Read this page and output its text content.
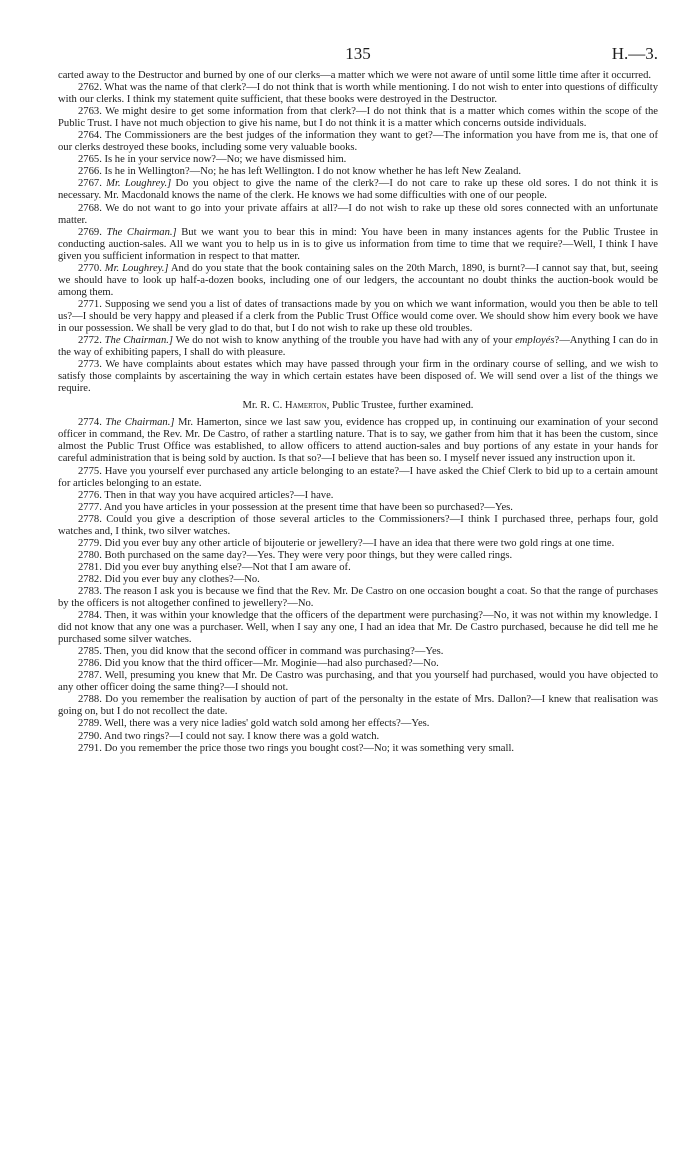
135	H.—3.

carted away to the Destructor and burned by one of our clerks—a matter which we were not aware of until some little time after it occurred.

2762. What was the name of that clerk?—I do not think that is worth while mentioning. I do not wish to enter into questions of difficulty with our clerks. I think my statement quite sufficient, that these books were destroyed in the Destructor.

2763. We might desire to get some information from that clerk?—I do not think that is a matter which comes within the scope of the Public Trust. I have not much objection to give his name, but I do not think it is a matter which concerns outside individuals.

2764. The Commissioners are the best judges of the information they want to get?—The information you have from me is, that one of our clerks destroyed these books, including some very valuable books.

2765. Is he in your service now?—No; we have dismissed him.

2766. Is he in Wellington?—No; he has left Wellington. I do not know whether he has left New Zealand.

2767. Mr. Loughrey.] Do you object to give the name of the clerk?—I do not care to rake up these old sores. I do not think it is necessary. Mr. Macdonald knows the name of the clerk. He knows we had some difficulties with one of our people.

2768. We do not want to go into your private affairs at all?—I do not wish to rake up these old sores connected with an unfortunate matter.

2769. The Chairman.] But we want you to bear this in mind: You have been in many instances agents for the Public Trustee in conducting auction-sales. All we want you to help us in is to give us information from time to time that we require?—Well, I think I have given you sufficient information in respect to that matter.

2770. Mr. Loughrey.] And do you state that the book containing sales on the 20th March, 1890, is burnt?—I cannot say that, but, seeing we should have to look up half-a-dozen books, including one of our ledgers, the accountant no doubt thinks the auction-book would be among them.

2771. Supposing we send you a list of dates of transactions made by you on which we want information, would you then be able to tell us?—I should be very happy and pleased if a clerk from the Public Trust Office would come over. We should show him every book we have in our possession. We shall be very glad to do that, but I do not wish to rake up these old troubles.

2772. The Chairman.] We do not wish to know anything of the trouble you have had with any of your employés?—Anything I can do in the way of exhibiting papers, I shall do with pleasure.

2773. We have complaints about estates which may have passed through your firm in the ordinary course of selling, and we wish to satisfy those complaints by ascertaining the way in which certain estates have been disposed of. We will send over a list of the things we require.

Mr. R. C. Hamerton, Public Trustee, further examined.

2774. The Chairman.] Mr. Hamerton, since we last saw you, evidence has cropped up, in continuing our examination of your second officer in command, the Rev. Mr. De Castro, of rather a startling nature. That is to say, we gather from him that it has been the custom, since almost the Public Trust Office was established, to allow officers to attend auction-sales and buy portions of any estate in your hands for careful administration that is being sold by auction. Is that so?—I believe that has been so. I myself never issued any instruction upon it.

2775. Have you yourself ever purchased any article belonging to an estate?—I have asked the Chief Clerk to bid up to a certain amount for articles belonging to an estate.

2776. Then in that way you have acquired articles?—I have.

2777. And you have articles in your possession at the present time that have been so purchased?—Yes.

2778. Could you give a description of those several articles to the Commissioners?—I think I purchased three, perhaps four, gold watches and, I think, two silver watches.

2779. Did you ever buy any other article of bijouterie or jewellery?—I have an idea that there were two gold rings at one time.

2780. Both purchased on the same day?—Yes. They were very poor things, but they were called rings.

2781. Did you ever buy anything else?—Not that I am aware of.

2782. Did you ever buy any clothes?—No.

2783. The reason I ask you is because we find that the Rev. Mr. De Castro on one occasion bought a coat. So that the range of purchases by the officers is not altogether confined to jewellery?—No.

2784. Then, it was within your knowledge that the officers of the department were purchasing?—No, it was not within my knowledge. I did not know that any one was a purchaser. Well, when I say any one, I had an idea that Mr. De Castro purchased, because he did tell me he purchased some silver watches.

2785. Then, you did know that the second officer in command was purchasing?—Yes.

2786. Did you know that the third officer—Mr. Moginie—had also purchased?—No.

2787. Well, presuming you knew that Mr. De Castro was purchasing, and that you yourself had purchased, would you have objected to any other officer doing the same thing?—I should not.

2788. Do you remember the realisation by auction of part of the personalty in the estate of Mrs. Dallon?—I knew that realisation was going on, but I do not recollect the date.

2789. Well, there was a very nice ladies' gold watch sold among her effects?—Yes.

2790. And two rings?—I could not say. I know there was a gold watch.

2791. Do you remember the price those two rings you bought cost?—No; it was something very small.
